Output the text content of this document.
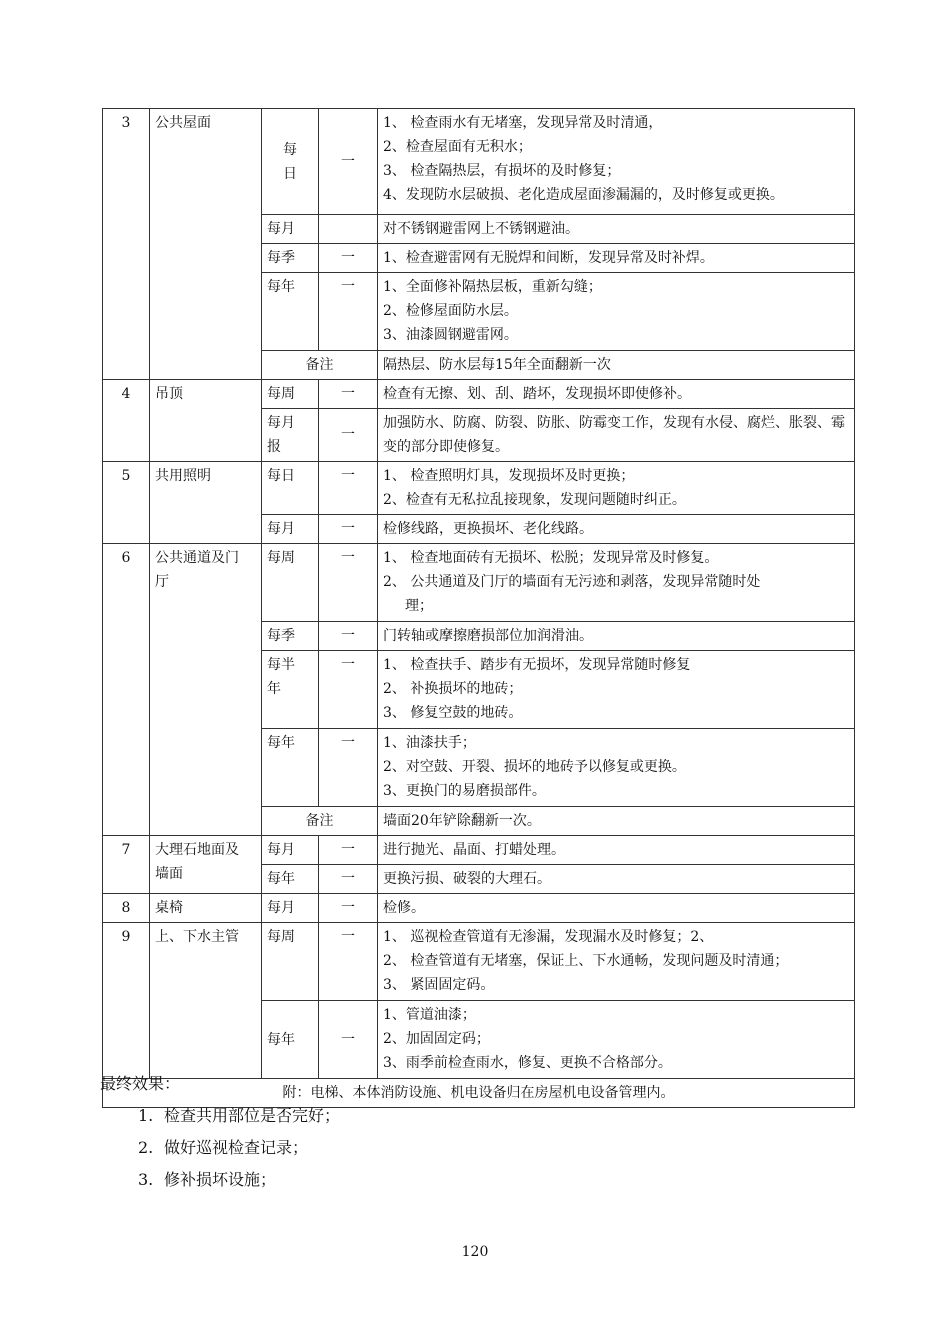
3	公共屋面	每日	一	1、 检查雨水有无堵塞，发现异常及时清通，
2、检查屋面有无积水；
3、 检查隔热层，有损坏的及时修复；
4、发现防水层破损、老化造成屋面渗漏漏的，及时修复或更换。

		每月		对不锈钢避雷网上不锈钢避油。

		每季	一	1、检查避雷网有无脱焊和间断，发现异常及时补焊。

		每年	一	1、全面修补隔热层板，重新勾缝；
2、检修屋面防水层。
3、油漆圆钢避雷网。

		备注		隔热层、防水层每15年全面翻新一次
4	吊顶	每周	一	检查有无擦、划、刮、踏坏，发现损坏即使修补。

		每月报	一	加强防水、防腐、防裂、防胀、防霉变工作，发现有水侵、腐烂、胀裂、霉变的部分即使修复。

5	共用照明	每日	一	1、 检查照明灯具，发现损坏及时更换；
2、检查有无私拉乱接现象，发现问题随时纠正。

		每月	一	检修线路，更换损坏、老化线路。

6	公共通道及门厅	每周	一	1、 检查地面砖有无损坏、松脱；发现异常及时修复。
2、 公共通道及门厅的墙面有无污迹和剥落，发现异常随时处
理；

		每季	一	门转轴或摩擦磨损部位加润滑油。

		每半年	一	1、 检查扶手、踏步有无损坏，发现异常随时修复
2、 补换损坏的地砖；
3、 修复空鼓的地砖。

		每年	一	1、油漆扶手；
2、对空鼓、开裂、损坏的地砖予以修复或更换。
3、更换门的易磨损部件。

		备注		墙面20年铲除翻新一次。
7	大理石地面及墙面	每月	一	进行抛光、晶面、打蜡处理。

		每年	一	更换污损、破裂的大理石。

8	桌椅	每月	一	检修。

9	上、下水主管	每周	一	1、 巡视检查管道有无渗漏，发现漏水及时修复；2、
2、 检查管道有无堵塞，保证上、下水通畅，发现问题及时清通；
3、 紧固固定码。

		每年	一	1、管道油漆；
2、加固固定码；
3、雨季前检查雨水，修复、更换不合格部分。

附：电梯、本体消防设施、机电设备归在房屋机电设备管理内。				
最终效果：
1. 检查共用部位是否完好；
2. 做好巡视检查记录；
3. 修补损坏设施；
120
